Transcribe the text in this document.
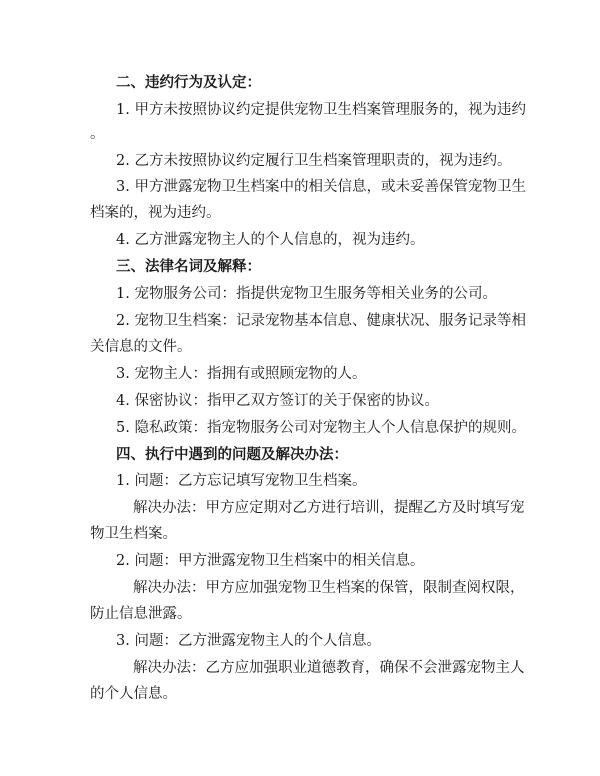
二、违约行为及认定：
1. 甲方未按照协议约定提供宠物卫生档案管理服务的，视为违约
。
2. 乙方未按照协议约定履行卫生档案管理职责的，视为违约。
3. 甲方泄露宠物卫生档案中的相关信息，或未妥善保管宠物卫生
档案的，视为违约。
4. 乙方泄露宠物主人的个人信息的，视为违约。
三、法律名词及解释：
1. 宠物服务公司：指提供宠物卫生服务等相关业务的公司。
2. 宠物卫生档案：记录宠物基本信息、健康状况、服务记录等相
关信息的文件。
3. 宠物主人：指拥有或照顾宠物的人。
4. 保密协议：指甲乙双方签订的关于保密的协议。
5. 隐私政策：指宠物服务公司对宠物主人个人信息保护的规则。
四、执行中遇到的问题及解决办法：
1. 问题：乙方忘记填写宠物卫生档案。
解决办法：甲方应定期对乙方进行培训，提醒乙方及时填写宠
物卫生档案。
2. 问题：甲方泄露宠物卫生档案中的相关信息。
解决办法：甲方应加强宠物卫生档案的保管，限制查阅权限，
防止信息泄露。
3. 问题：乙方泄露宠物主人的个人信息。
解决办法：乙方应加强职业道德教育，确保不会泄露宠物主人
的个人信息。
